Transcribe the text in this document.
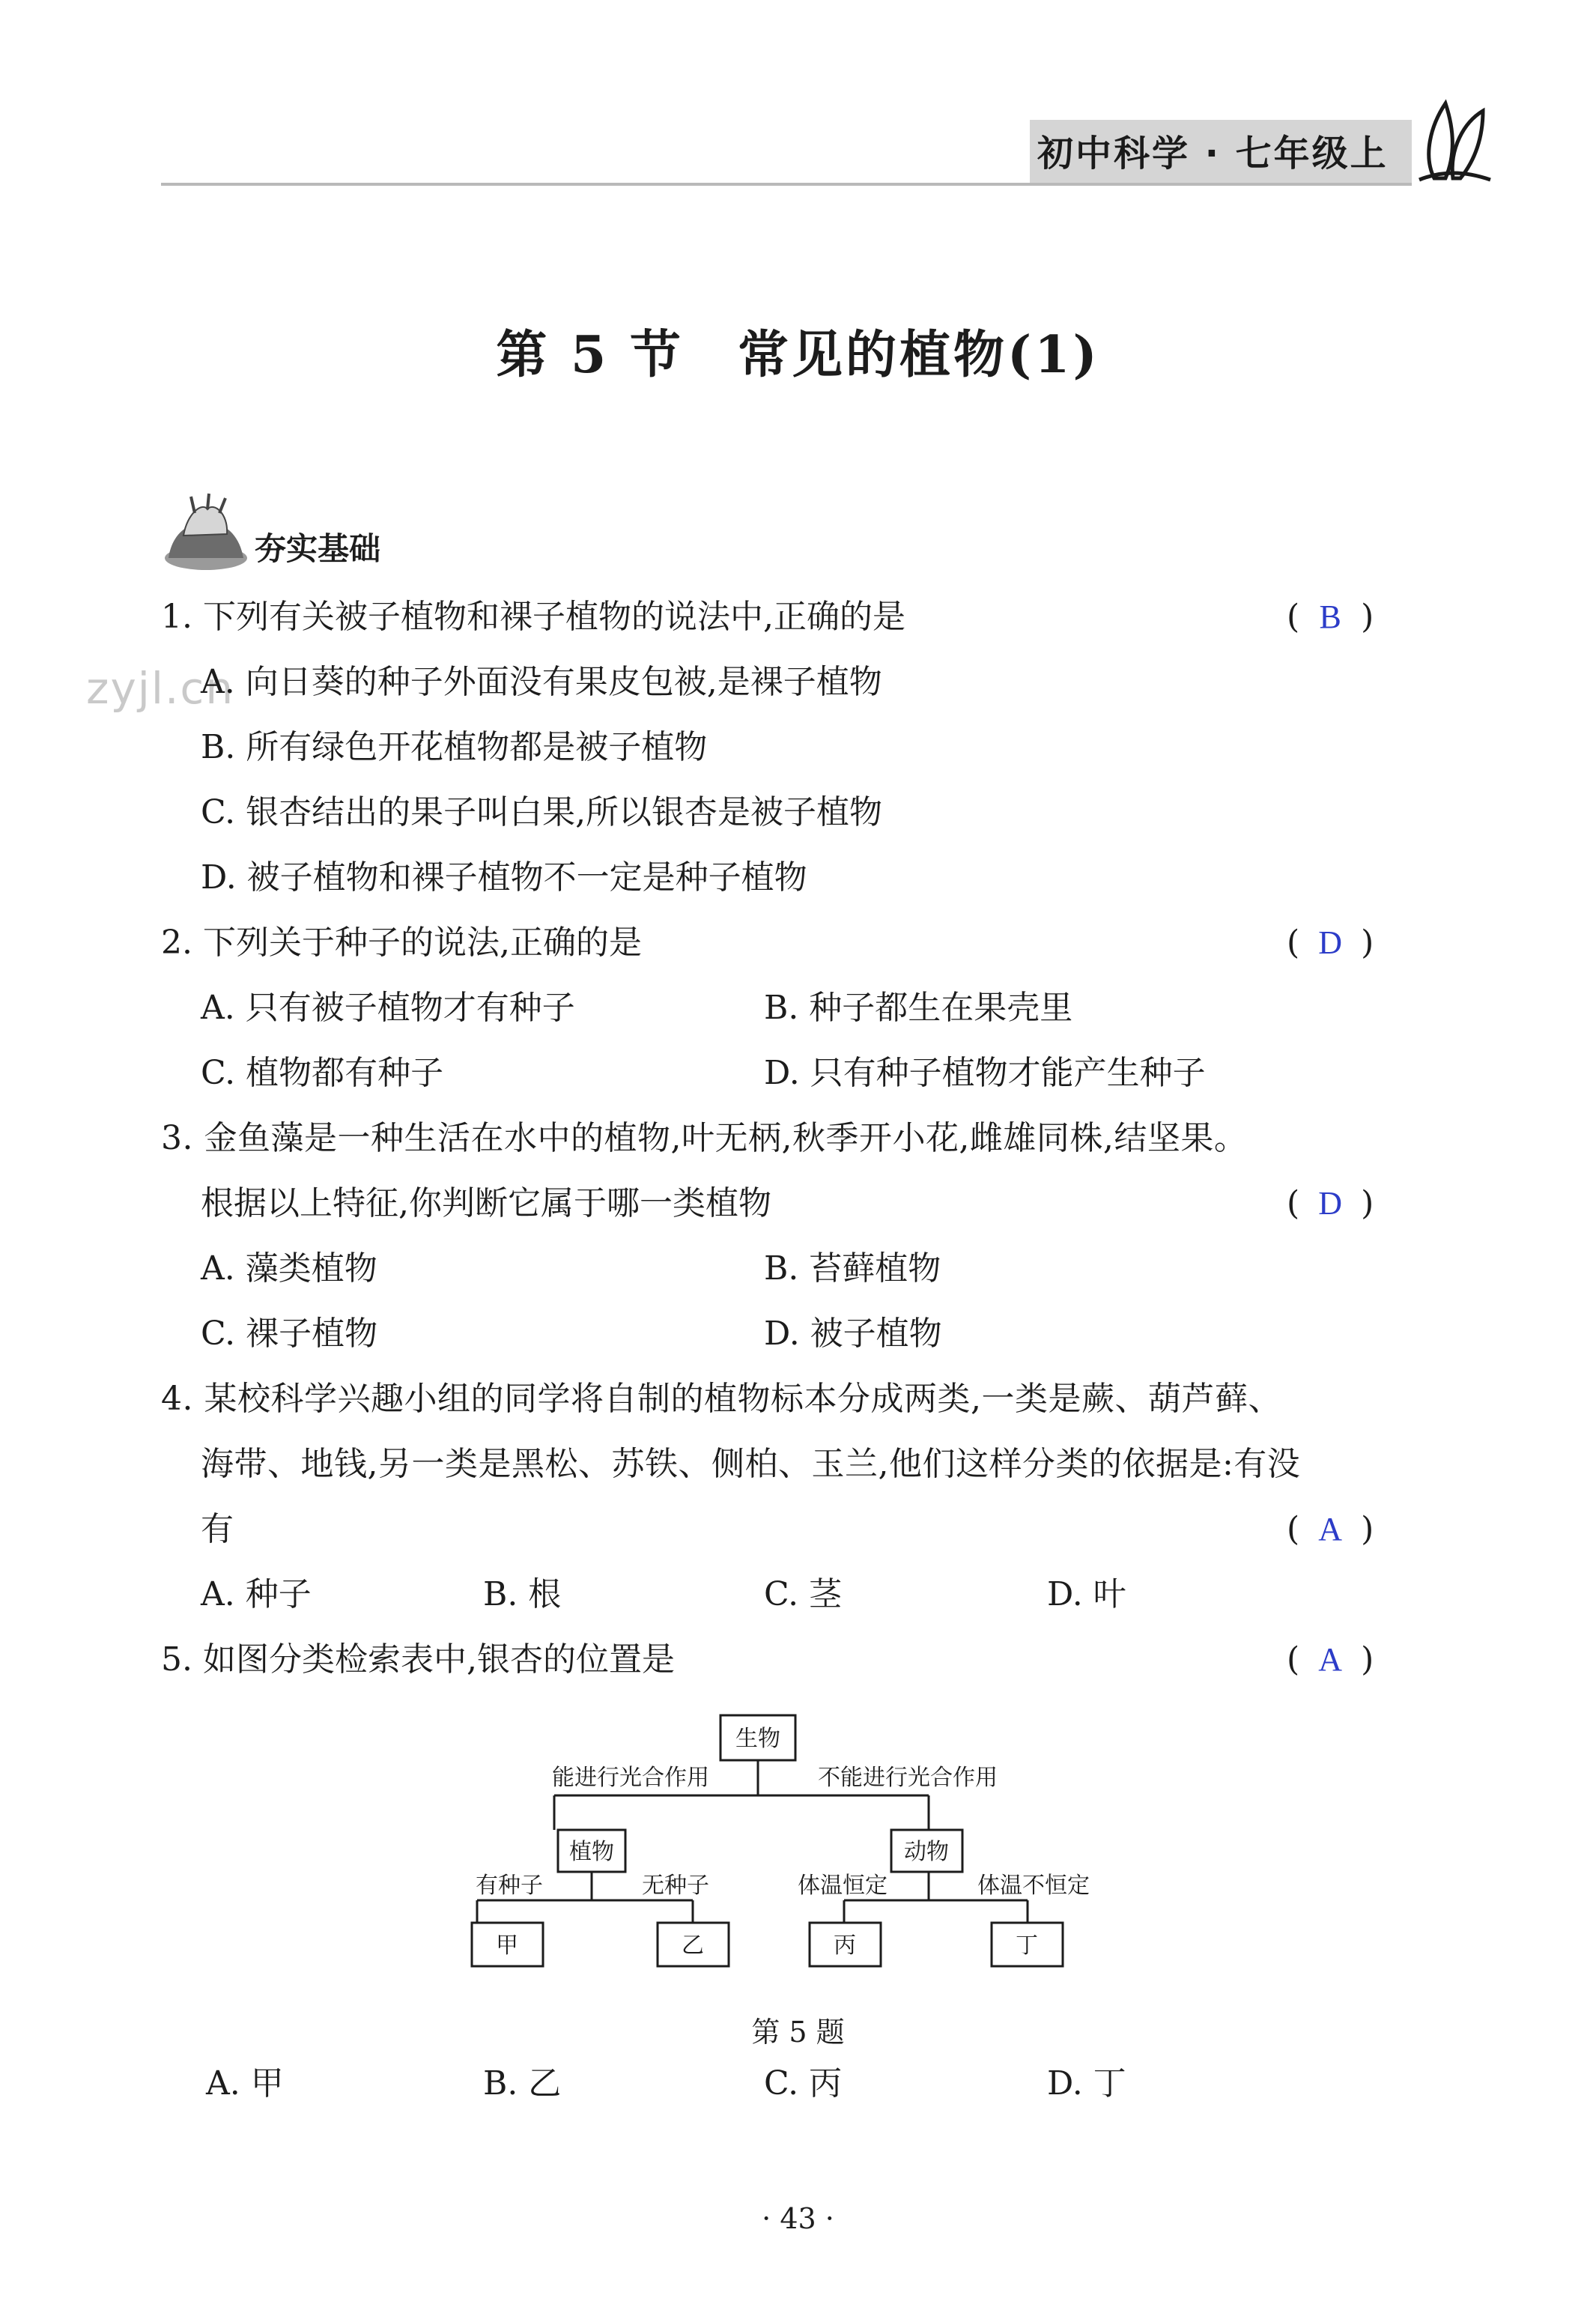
初中科学 · 七年级上
第 5 节　常见的植物(1)
夯实基础
zyjl.cn
1. 下列有关被子植物和裸子植物的说法中,正确的是	( B )
A. 向日葵的种子外面没有果皮包被,是裸子植物
B. 所有绿色开花植物都是被子植物
C. 银杏结出的果子叫白果,所以银杏是被子植物
D. 被子植物和裸子植物不一定是种子植物
2. 下列关于种子的说法,正确的是	( D )
A. 只有被子植物才有种子	B. 种子都生在果壳里
C. 植物都有种子	D. 只有种子植物才能产生种子
3. 金鱼藻是一种生活在水中的植物,叶无柄,秋季开小花,雌雄同株,结坚果。
根据以上特征,你判断它属于哪一类植物	( D )
A. 藻类植物	B. 苔藓植物
C. 裸子植物	D. 被子植物
4. 某校科学兴趣小组的同学将自制的植物标本分成两类,一类是蕨、葫芦藓、
海带、地钱,另一类是黑松、苏铁、侧柏、玉兰,他们这样分类的依据是:有没
有	( A )
A. 种子	B. 根	C. 茎	D. 叶
5. 如图分类检索表中,银杏的位置是	( A )
生物
能进行光合作用	不能进行光合作用
植物	动物
有种子	无种子	体温恒定	体温不恒定
甲	乙	丙	丁
第 5 题
A. 甲	B. 乙	C. 丙	D. 丁
· 43 ·
